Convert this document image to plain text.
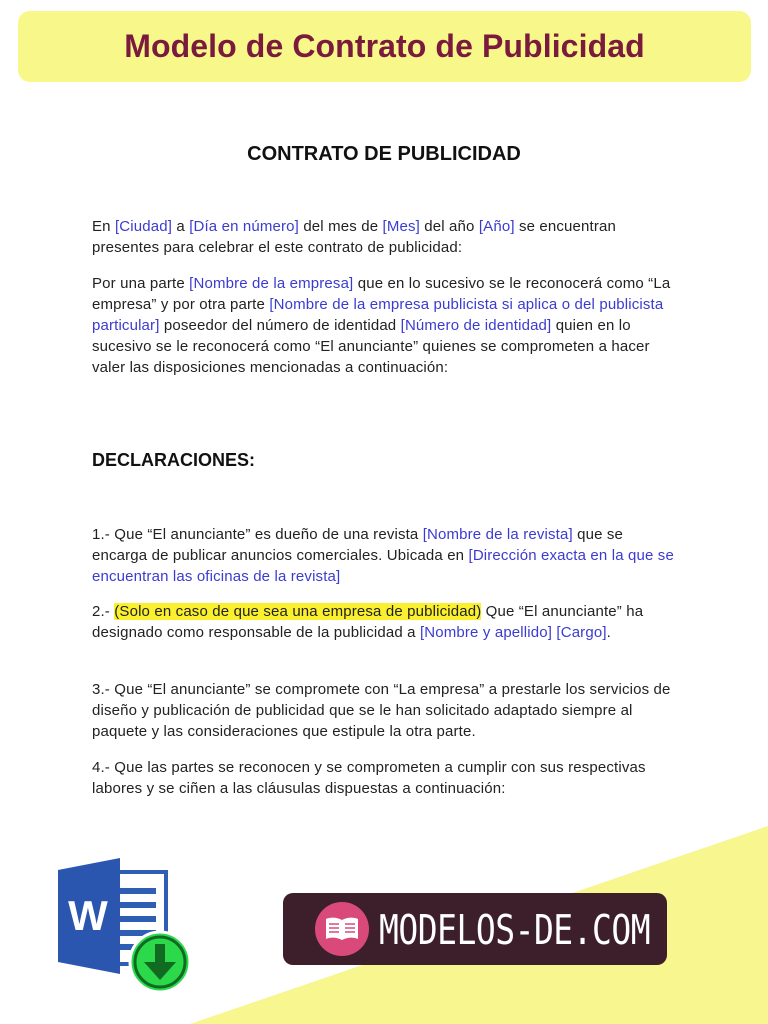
Modelo de Contrato de Publicidad
CONTRATO DE PUBLICIDAD

En [Ciudad] a [Día en número] del mes de [Mes] del año [Año] se encuentran presentes para celebrar el este contrato de publicidad:

Por una parte [Nombre de la empresa] que en lo sucesivo se le reconocerá como “La empresa” y por otra parte [Nombre de la empresa publicista si aplica o del publicista particular] poseedor del número de identidad [Número de identidad] quien en lo sucesivo se le reconocerá como “El anunciante” quienes se comprometen a hacer valer las disposiciones mencionadas a continuación:

DECLARACIONES:

1.- Que “El anunciante” es dueño de una revista [Nombre de la revista] que se encarga de publicar anuncios comerciales. Ubicada en [Dirección exacta en la que se encuentran las oficinas de la revista]

2.- (Solo en caso de que sea una empresa de publicidad) Que “El anunciante” ha designado como responsable de la publicidad a [Nombre y apellido] [Cargo].

3.- Que “El anunciante” se compromete con “La empresa” a prestarle los servicios de diseño y publicación de publicidad que se le han solicitado adaptado siempre al paquete y las consideraciones que estipule la otra parte.

4.- Que las partes se reconocen y se comprometen a cumplir con sus respectivas labores y se ciñen a las cláusulas dispuestas a continuación:

W	MODELOS-DE.COM
